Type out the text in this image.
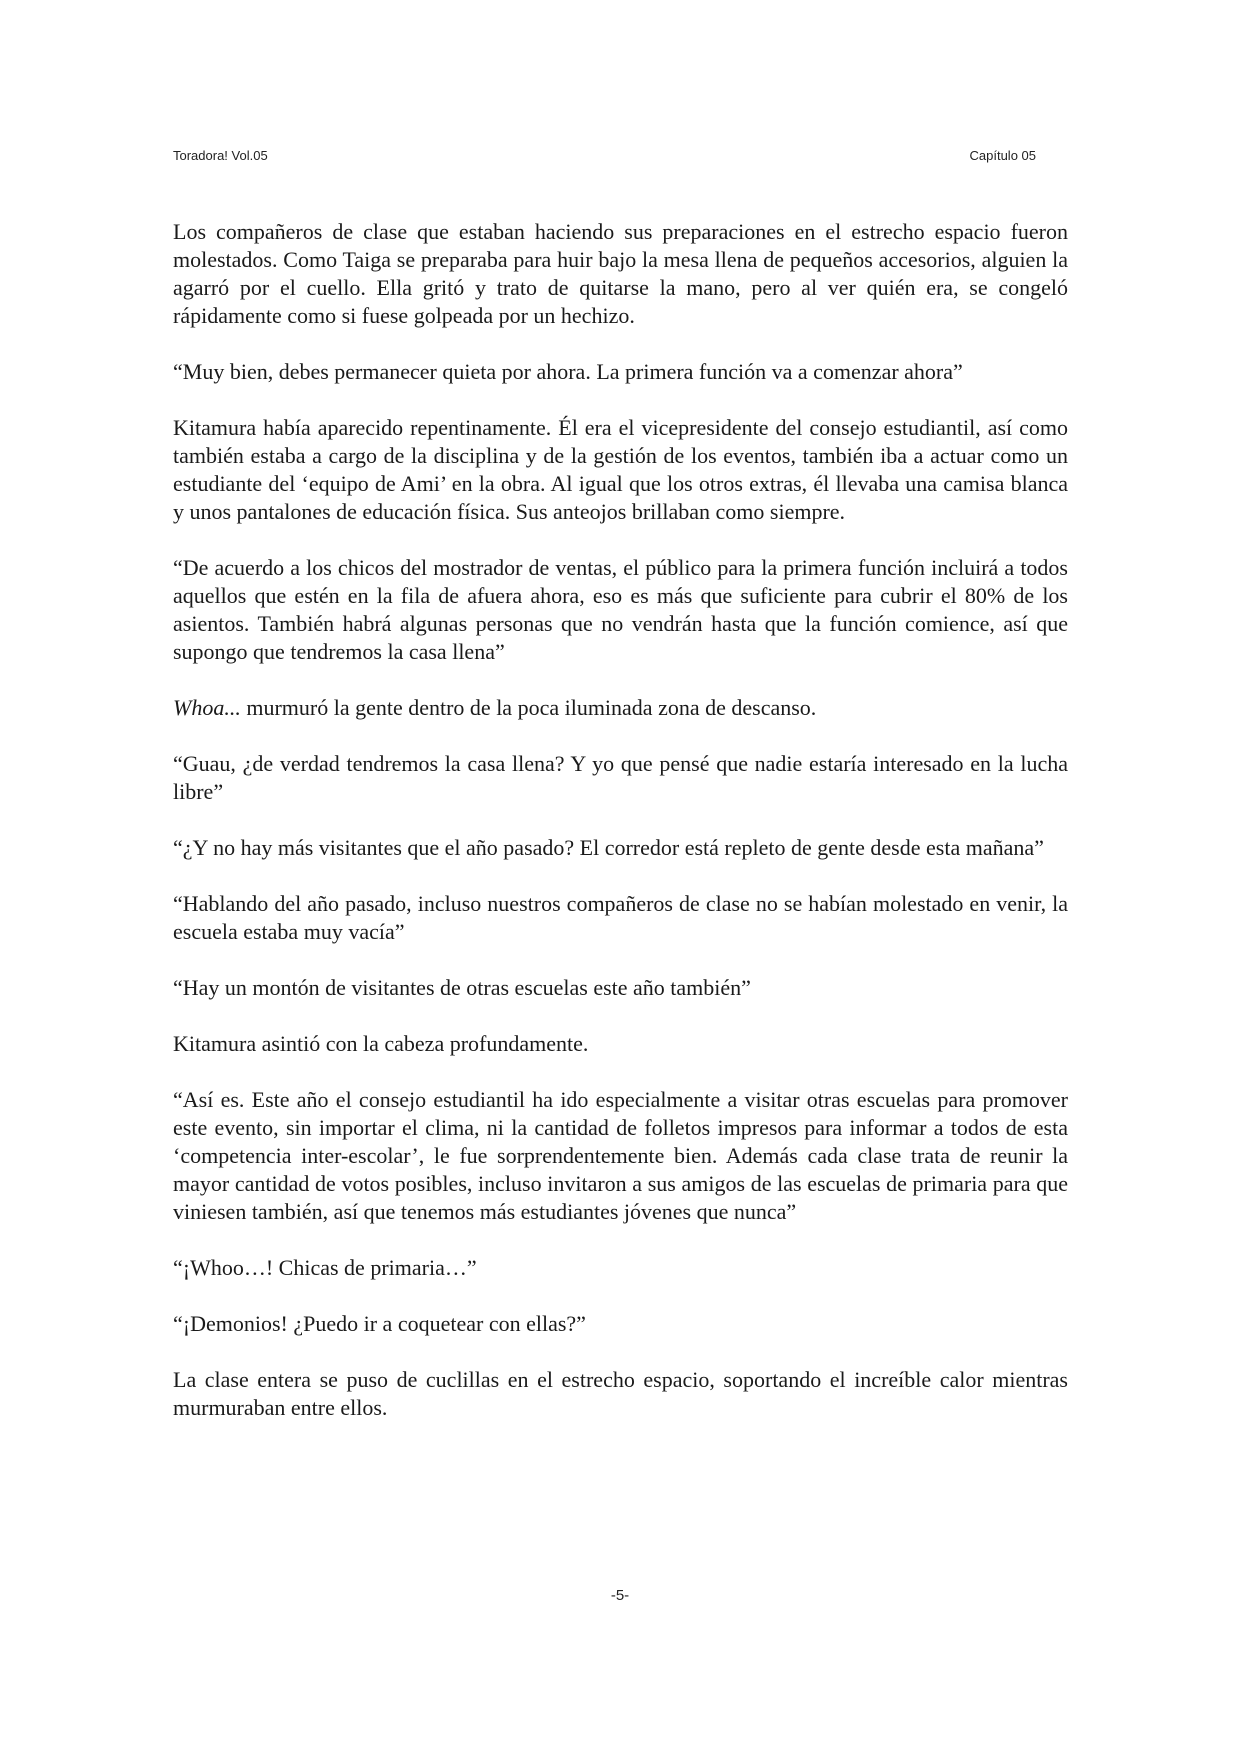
Toradora! Vol.05	Capítulo 05

Los compañeros de clase que estaban haciendo sus preparaciones en el estrecho espacio fueron molestados. Como Taiga se preparaba para huir bajo la mesa llena de pequeños accesorios, alguien la agarró por el cuello. Ella gritó y trato de quitarse la mano, pero al ver quién era, se congeló rápidamente como si fuese golpeada por un hechizo.

“Muy bien, debes permanecer quieta por ahora. La primera función va a comenzar ahora”

Kitamura había aparecido repentinamente. Él era el vicepresidente del consejo estudiantil, así como también estaba a cargo de la disciplina y de la gestión de los eventos, también iba a actuar como un estudiante del ‘equipo de Ami’ en la obra. Al igual que los otros extras, él llevaba una camisa blanca y unos pantalones de educación física. Sus anteojos brillaban como siempre.

“De acuerdo a los chicos del mostrador de ventas, el público para la primera función incluirá a todos aquellos que estén en la fila de afuera ahora, eso es más que suficiente para cubrir el 80% de los asientos. También habrá algunas personas que no vendrán hasta que la función comience, así que supongo que tendremos la casa llena”

Whoa... murmuró la gente dentro de la poca iluminada zona de descanso.

“Guau, ¿de verdad tendremos la casa llena? Y yo que pensé que nadie estaría interesado en la lucha libre”

“¿Y no hay más visitantes que el año pasado? El corredor está repleto de gente desde esta mañana”

“Hablando del año pasado, incluso nuestros compañeros de clase no se habían molestado en venir, la escuela estaba muy vacía”

“Hay un montón de visitantes de otras escuelas este año también”

Kitamura asintió con la cabeza profundamente.

“Así es. Este año el consejo estudiantil ha ido especialmente a visitar otras escuelas para promover este evento, sin importar el clima, ni la cantidad de folletos impresos para informar a todos de esta ‘competencia inter-escolar’, le fue sorprendentemente bien. Además cada clase trata de reunir la mayor cantidad de votos posibles, incluso invitaron a sus amigos de las escuelas de primaria para que viniesen también, así que tenemos más estudiantes jóvenes que nunca”

“¡Whoo…! Chicas de primaria…”

“¡Demonios! ¿Puedo ir a coquetear con ellas?”

La clase entera se puso de cuclillas en el estrecho espacio, soportando el increíble calor mientras murmuraban entre ellos.

-5-
